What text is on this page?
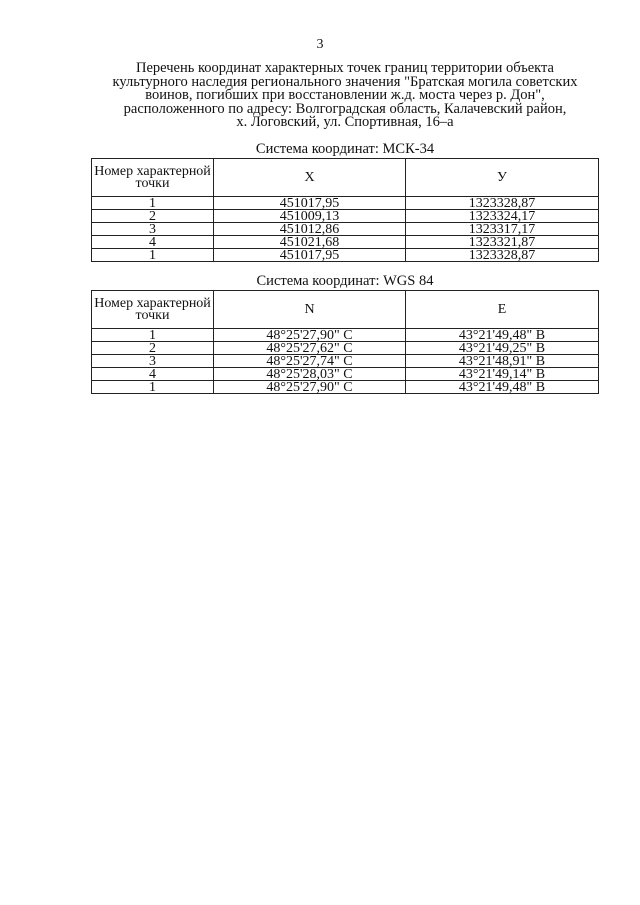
3
Перечень координат характерных точек границ территории объекта
культурного наследия регионального значения "Братская могила советских
воинов, погибших при восстановлении ж.д. моста через р. Дон",
расположенного по адресу: Волгоградская область, Калачевский район,
х. Логовский, ул. Спортивная, 16–а
Система координат: МСК-34
Номер характерной точки	X	У
1	451017,95	1323328,87
2	451009,13	1323324,17
3	451012,86	1323317,17
4	451021,68	1323321,87
1	451017,95	1323328,87
Система координат: WGS 84
Номер характерной точки	N	E
1	48°25'27,90" С	43°21'49,48" В
2	48°25'27,62" С	43°21'49,25" В
3	48°25'27,74" С	43°21'48,91" В
4	48°25'28,03" С	43°21'49,14" В
1	48°25'27,90" С	43°21'49,48" В
